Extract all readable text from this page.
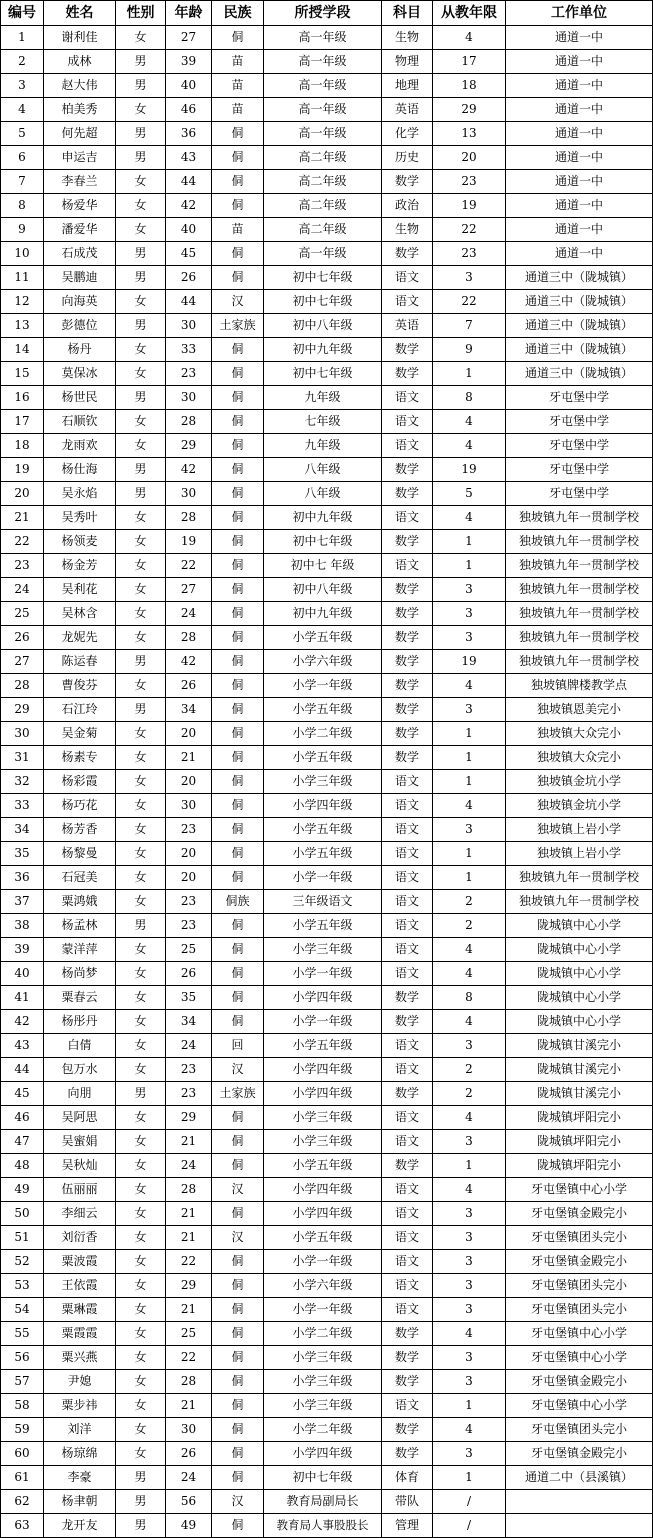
编号	姓名	性别	年龄	民族	所授学段	科目	从教年限	工作单位
1	谢利佳	女	27	侗	高一年级	生物	4	通道一中
2	成林	男	39	苗	高一年级	物理	17	通道一中
3	赵大伟	男	40	苗	高一年级	地理	18	通道一中
4	柏美秀	女	46	苗	高一年级	英语	29	通道一中
5	何先超	男	36	侗	高一年级	化学	13	通道一中
6	申运吉	男	43	侗	高二年级	历史	20	通道一中
7	李春兰	女	44	侗	高二年级	数学	23	通道一中
8	杨爱华	女	42	侗	高二年级	政治	19	通道一中
9	潘爱华	女	40	苗	高二年级	生物	22	通道一中
10	石成茂	男	45	侗	高一年级	数学	23	通道一中
11	吴鹏迪	男	26	侗	初中七年级	语文	3	通道三中（陇城镇）
12	向海英	女	44	汉	初中七年级	语文	22	通道三中（陇城镇）
13	彭德位	男	30	土家族	初中八年级	英语	7	通道三中（陇城镇）
14	杨丹	女	33	侗	初中九年级	数学	9	通道三中（陇城镇）
15	莫保冰	女	23	侗	初中七年级	数学	1	通道三中（陇城镇）
16	杨世民	男	30	侗	九年级	语文	8	牙屯堡中学
17	石顺钦	女	28	侗	七年级	语文	4	牙屯堡中学
18	龙雨欢	女	29	侗	九年级	语文	4	牙屯堡中学
19	杨仕海	男	42	侗	八年级	数学	19	牙屯堡中学
20	吴永焰	男	30	侗	八年级	数学	5	牙屯堡中学
21	吴秀叶	女	28	侗	初中九年级	语文	4	独坡镇九年一贯制学校
22	杨领麦	女	19	侗	初中七年级	数学	1	独坡镇九年一贯制学校
23	杨金芳	女	22	侗	初中七 年级	语文	1	独坡镇九年一贯制学校
24	吴利花	女	27	侗	初中八年级	数学	3	独坡镇九年一贯制学校
25	吴林含	女	24	侗	初中九年级	数学	3	独坡镇九年一贯制学校
26	龙妮先	女	28	侗	小学五年级	数学	3	独坡镇九年一贯制学校
27	陈运春	男	42	侗	小学六年级	数学	19	独坡镇九年一贯制学校
28	曹俊芬	女	26	侗	小学一年级	数学	4	独坡镇牌楼教学点
29	石江玲	男	34	侗	小学五年级	数学	3	独坡镇恩美完小
30	吴金菊	女	20	侗	小学二年级	数学	1	独坡镇大众完小
31	杨素专	女	21	侗	小学五年级	数学	1	独坡镇大众完小
32	杨彩霞	女	20	侗	小学三年级	语文	1	独坡镇金坑小学
33	杨巧花	女	30	侗	小学四年级	语文	4	独坡镇金坑小学
34	杨芳香	女	23	侗	小学五年级	语文	3	独坡镇上岩小学
35	杨黎曼	女	20	侗	小学五年级	语文	1	独坡镇上岩小学
36	石冠美	女	20	侗	小学一年级	语文	1	独坡镇九年一贯制学校
37	粟鸿娥	女	23	侗族	三年级语文	语文	2	独坡镇九年一贯制学校
38	杨孟林	男	23	侗	小学五年级	语文	2	陇城镇中心小学
39	蒙洋萍	女	25	侗	小学三年级	语文	4	陇城镇中心小学
40	杨尚梦	女	26	侗	小学一年级	语文	4	陇城镇中心小学
41	粟春云	女	35	侗	小学四年级	数学	8	陇城镇中心小学
42	杨彤丹	女	34	侗	小学一年级	数学	4	陇城镇中心小学
43	白倩	女	24	回	小学五年级	语文	3	陇城镇甘溪完小
44	包万水	女	23	汉	小学四年级	语文	2	陇城镇甘溪完小
45	向朋	男	23	土家族	小学四年级	数学	2	陇城镇甘溪完小
46	吴阿思	女	29	侗	小学三年级	语文	4	陇城镇坪阳完小
47	吴蜜娟	女	21	侗	小学三年级	语文	3	陇城镇坪阳完小
48	吴秋灿	女	24	侗	小学五年级	数学	1	陇城镇坪阳完小
49	伍丽丽	女	28	汉	小学四年级	语文	4	牙屯堡镇中心小学
50	李细云	女	21	侗	小学四年级	语文	3	牙屯堡镇金殿完小
51	刘衍香	女	21	汉	小学五年级	语文	3	牙屯堡镇团头完小
52	粟波霞	女	22	侗	小学一年级	语文	3	牙屯堡镇金殿完小
53	王依霞	女	29	侗	小学六年级	语文	3	牙屯堡镇团头完小
54	粟琳霞	女	21	侗	小学一年级	语文	3	牙屯堡镇团头完小
55	粟霞霞	女	25	侗	小学二年级	数学	4	牙屯堡镇中心小学
56	粟兴燕	女	22	侗	小学三年级	数学	3	牙屯堡镇中心小学
57	尹媳	女	28	侗	小学三年级	数学	3	牙屯堡镇金殿完小
58	粟步祎	女	21	侗	小学三年级	语文	1	牙屯堡镇中心小学
59	刘洋	女	30	侗	小学二年级	数学	4	牙屯堡镇团头完小
60	杨琼绵	女	26	侗	小学四年级	数学	3	牙屯堡镇金殿完小
61	李豪	男	24	侗	初中七年级	体育	1	通道二中（县溪镇）
62	杨聿朝	男	56	汉	教育局副局长	带队	/	
63	龙开友	男	49	侗	教育局人事股股长	管理	/	
